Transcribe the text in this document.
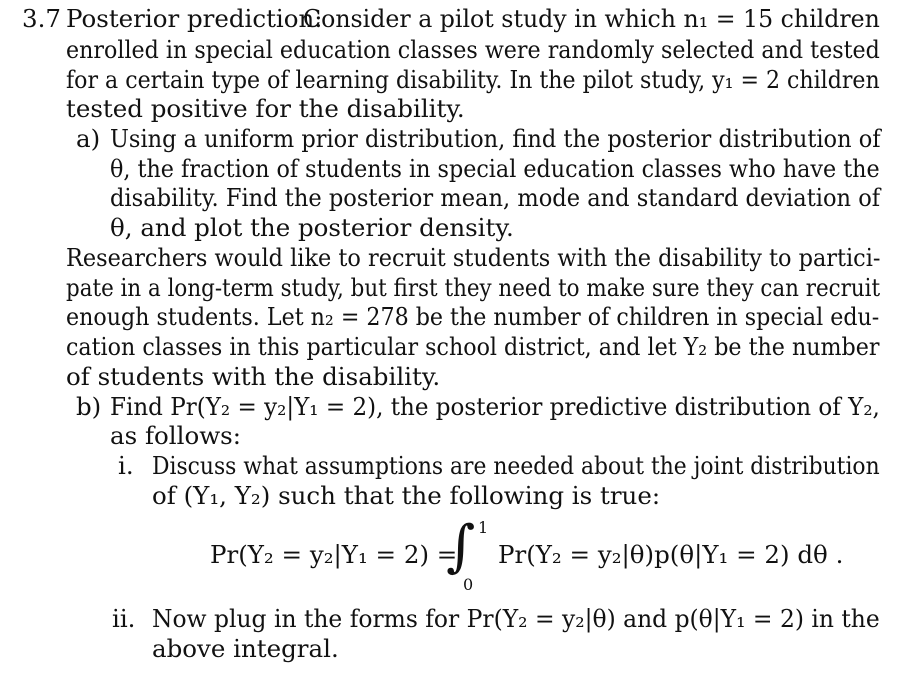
3.7 Posterior prediction:
Consider a pilot study in which n₁ = 15 children
enrolled in special education classes were randomly selected and tested
for a certain type of learning disability. In the pilot study, y₁ = 2 children
tested positive for the disability.
a) Using a uniform prior distribution, find the posterior distribution of
θ, the fraction of students in special education classes who have the
disability. Find the posterior mean, mode and standard deviation of
θ, and plot the posterior density.
Researchers would like to recruit students with the disability to partici-
pate in a long-term study, but first they need to make sure they can recruit
enough students. Let n₂ = 278 be the number of children in special edu-
cation classes in this particular school district, and let Y₂ be the number
of students with the disability.
b) Find Pr(Y₂ = y₂|Y₁ = 2), the posterior predictive distribution of Y₂,
as follows:
i. Discuss what assumptions are needed about the joint distribution
of (Y₁, Y₂) such that the following is true:
Pr(Y₂ = y₂|Y₁ = 2) =
∫ 1
0
Pr(Y₂ = y₂|θ)p(θ|Y₁ = 2) dθ .
ii. Now plug in the forms for Pr(Y₂ = y₂|θ) and p(θ|Y₁ = 2) in the
above integral.
